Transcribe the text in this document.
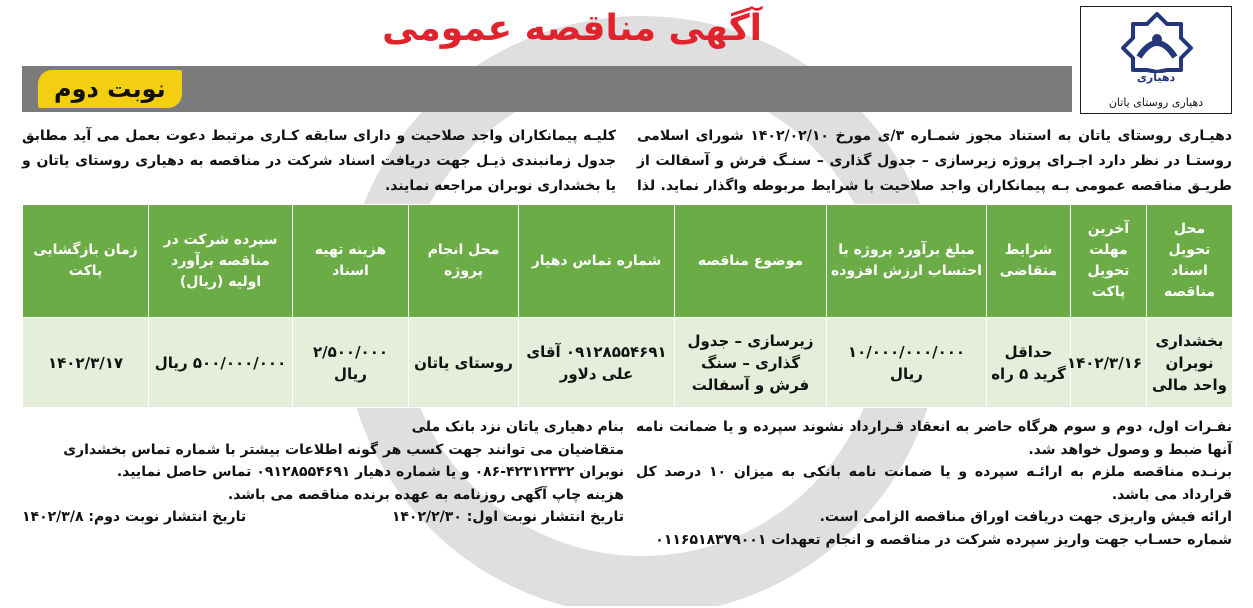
دهیاری
دهیاری روستای یاتان
آگهی مناقصه عمومی
نوبت دوم
دهیـاری روستای یاتان به استناد مجوز شمـاره ۳/ی مورخ ۱۴۰۲/۰۲/۱۰ شورای اسلامی روستـا در نظر دارد اجـرای پروژه زیرسازی – جدول گذاری – سنـگ فرش و آسفالت از طریـق مناقصه عمومی بـه پیمانکاران واجد صلاحیت با شرایط مربوطه واگذار نماید. لذا
کلیـه پیمانکاران واجد صلاحیت و دارای سابقه کـاری مرتبط دعوت بعمل می آید مطابق جدول زمانبندی ذیـل جهت دریافت اسناد شرکت در مناقصه به دهیاری روستای یاتان و یا بخشداری نوبران مراجعه نمایند.
محل تحویل اسناد مناقصه	آخرین مهلت تحویل پاکت	شرایط متقاضی	مبلغ برآورد پروژه با احتساب ارزش افزوده	موضوع مناقصه	شماره تماس دهیار	محل انجام پروژه	هزینه تهیه اسناد	سپرده شرکت در مناقصه برآورد اولیه (ریال)	زمان بازگشایی پاکت
بخشداری نوبران واحد مالی	۱۴۰۲/۳/۱۶	حداقل گرید ۵ راه	۱۰/۰۰۰/۰۰۰/۰۰۰ ریال	زیرسازی – جدول گذاری – سنگ فرش و آسفالت	۰۹۱۲۸۵۵۴۶۹۱ آقای علی دلاور	روستای یاتان	۲/۵۰۰/۰۰۰ ریال	۵۰۰/۰۰۰/۰۰۰ ریال	۱۴۰۲/۳/۱۷

نفـرات اول، دوم و سوم هرگاه حاضر به انعقاد قـرارداد نشوند سپرده و یا ضمانت نامه آنها ضبط و وصول خواهد شد.

برنـده مناقصه ملزم به ارائـه سپرده و یا ضمانت نامه بانکی به میزان ۱۰ درصد کل قرارداد می باشد.

ارائه فیش واریزی جهت دریافت اوراق مناقصه الزامی است.

شماره حسـاب جهت واریز سپرده شرکت در مناقصه و انجام تعهدات ۰۱۱۶۵۱۸۳۷۹۰۰۱

بنام دهیاری یاتان نزد بانک ملی

متقاضیان می توانند جهت کسب هر گونه اطلاعات بیشتر با شماره تماس بخشداری نوبران ۴۲۳۱۲۳۳۲-۰۸۶ و یا شماره دهیار ۰۹۱۲۸۵۵۴۶۹۱ تماس حاصل نمایید.

هزینه چاپ آگهی روزنامه به عهده برنده مناقصه می باشد.

تاریخ انتشار نوبت اول: ۱۴۰۲/۲/۳۰
تاریخ انتشار نوبت دوم: ۱۴۰۲/۳/۸
